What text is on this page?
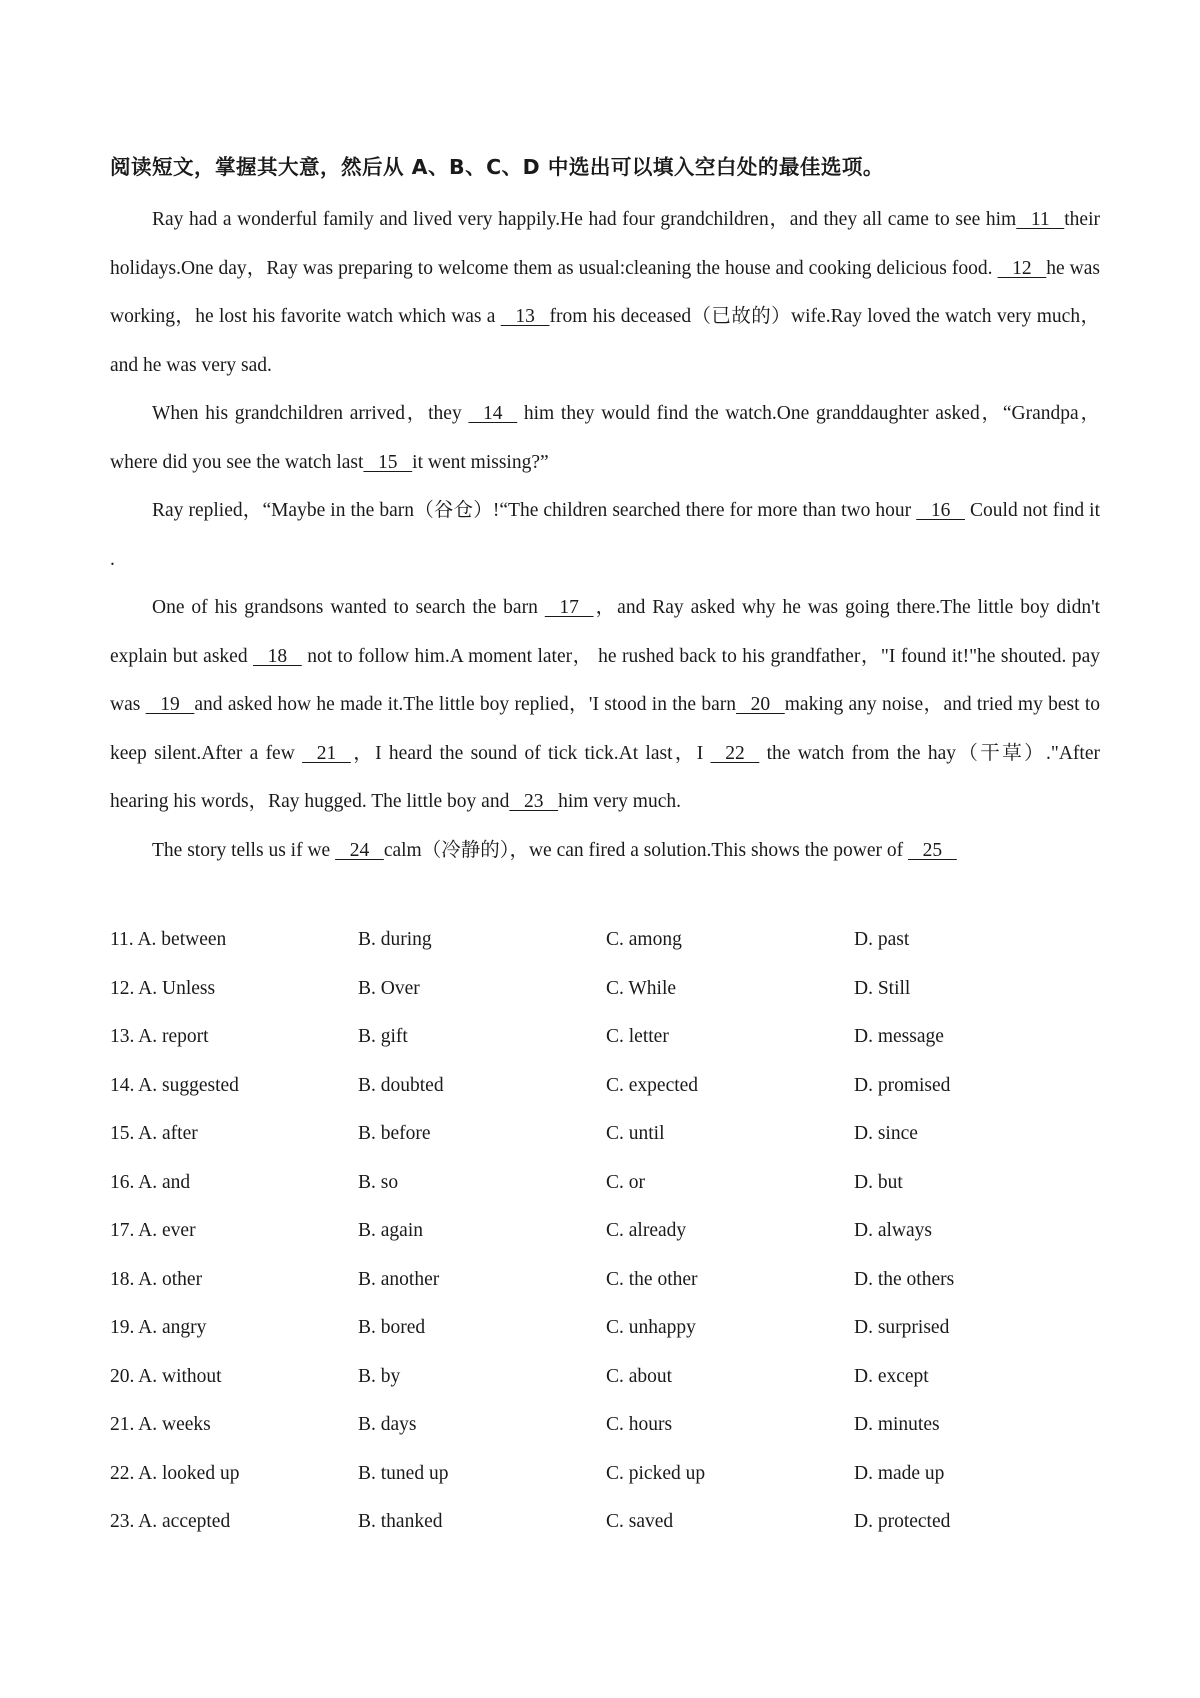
阅读短文，掌握其大意，然后从 A、B、C、D 中选出可以填入空白处的最佳选项。

Ray had a wonderful family and lived very happily.He had four grandchildren，and they all came to see him   11   their holidays.One day，Ray was preparing to welcome them as usual:cleaning the house and cooking delicious food.    12   he was working，he lost his favorite watch which was a    13   from his deceased（已故的）wife.Ray loved the watch very much，and he was very sad.

When his grandchildren arrived，they    14    him they would find the watch.One granddaughter asked，“Grandpa， where did you see the watch last   15   it went missing?”

Ray replied，“Maybe in the barn（谷仓）!“The children searched there for more than two hour    16    Could not find it .

One of his grandsons wanted to search the barn    17   ，and Ray asked why he was going there.The little boy didn't explain but asked    18    not to follow him.A moment later， he rushed back to his grandfather，"I found it!"he shouted. pay was    19   and asked how he made it.The little boy replied，'I stood in the barn   20   making any noise，and tried my best to keep silent.After a few    21   ，I heard the sound of tick tick.At last，I    22    the watch from the hay（干草）."After hearing his words，Ray hugged. The little boy and   23   him very much.

The story tells us if we    24   calm（冷静的），we can fired a solution.This shows the power of    25

11. A. between	B. during	C. among	D. past
12. A. Unless	B. Over	C. While	D. Still
13. A. report	B. gift	C. letter	D. message
14. A. suggested	B. doubted	C. expected	D. promised
15. A. after	B. before	C. until	D. since
16. A. and	B. so	C. or	D. but
17. A. ever	B. again	C. already	D. always
18. A. other	B. another	C. the other	D. the others
19. A. angry	B. bored	C. unhappy	D. surprised
20. A. without	B. by	C. about	D. except
21. A. weeks	B. days	C. hours	D. minutes
22. A. looked up	B. tuned up	C. picked up	D. made up
23. A. accepted	B. thanked	C. saved	D. protected
